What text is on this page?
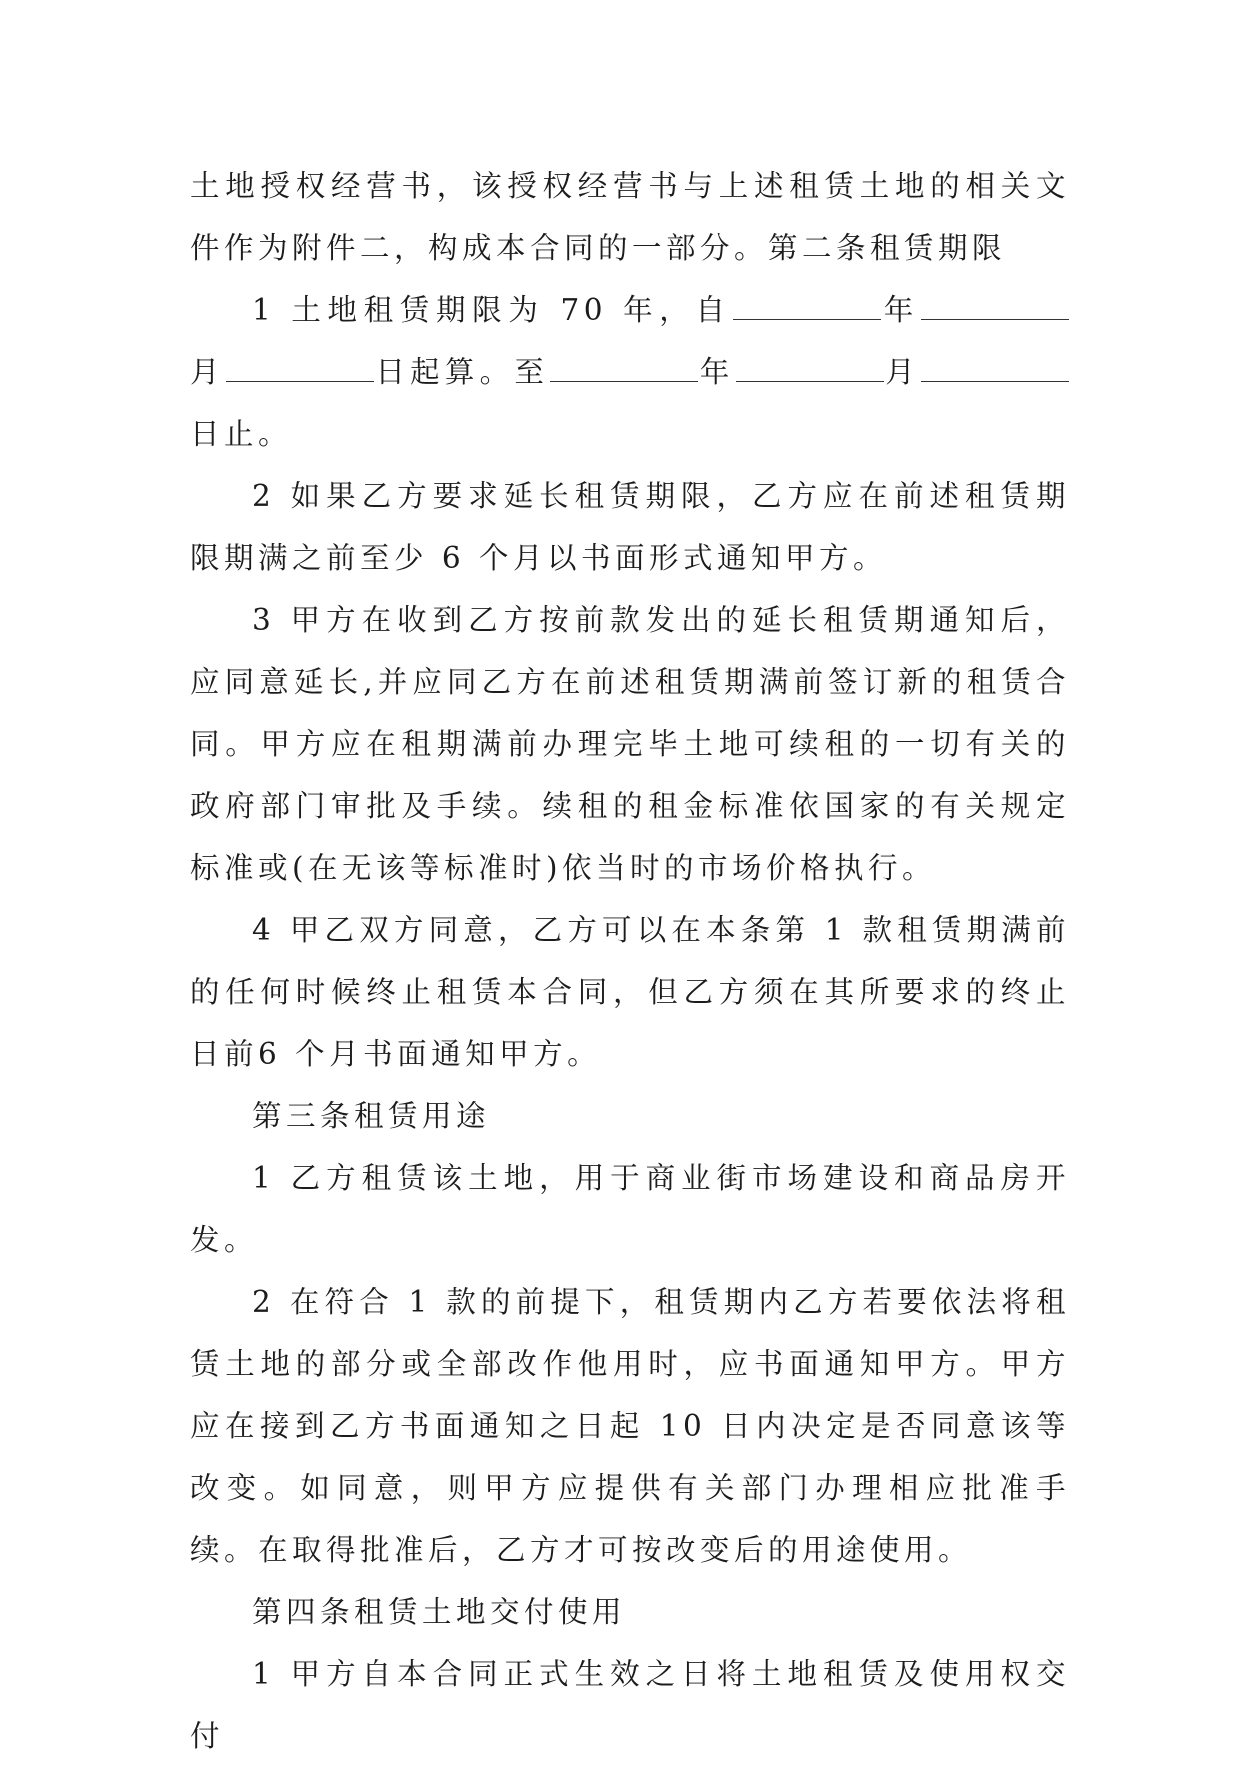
土地授权经营书，该授权经营书与上述租赁土地的相关文件作为附件二，构成本合同的一部分。第二条租赁期限

1 土地租赁期限为 70 年，自	年月	日起算。至	年	月日止。

2 如果乙方要求延长租赁期限，乙方应在前述租赁期限期满之前至少 6 个月以书面形式通知甲方。

3 甲方在收到乙方按前款发出的延长租赁期通知后，应同意延长,并应同乙方在前述租赁期满前签订新的租赁合同。甲方应在租期满前办理完毕土地可续租的一切有关的政府部门审批及手续。续租的租金标准依国家的有关规定标准或(在无该等标准时)依当时的市场价格执行。

4 甲乙双方同意，乙方可以在本条第 1 款租赁期满前的任何时候终止租赁本合同，但乙方须在其所要求的终止日前6 个月书面通知甲方。

第三条租赁用途

1 乙方租赁该土地，用于商业街市场建设和商品房开发。

2 在符合 1 款的前提下，租赁期内乙方若要依法将租赁土地的部分或全部改作他用时，应书面通知甲方。甲方应在接到乙方书面通知之日起 10 日内决定是否同意该等改变。如同意，则甲方应提供有关部门办理相应批准手续。在取得批准后，乙方才可按改变后的用途使用。

第四条租赁土地交付使用

1 甲方自本合同正式生效之日将土地租赁及使用权交付
